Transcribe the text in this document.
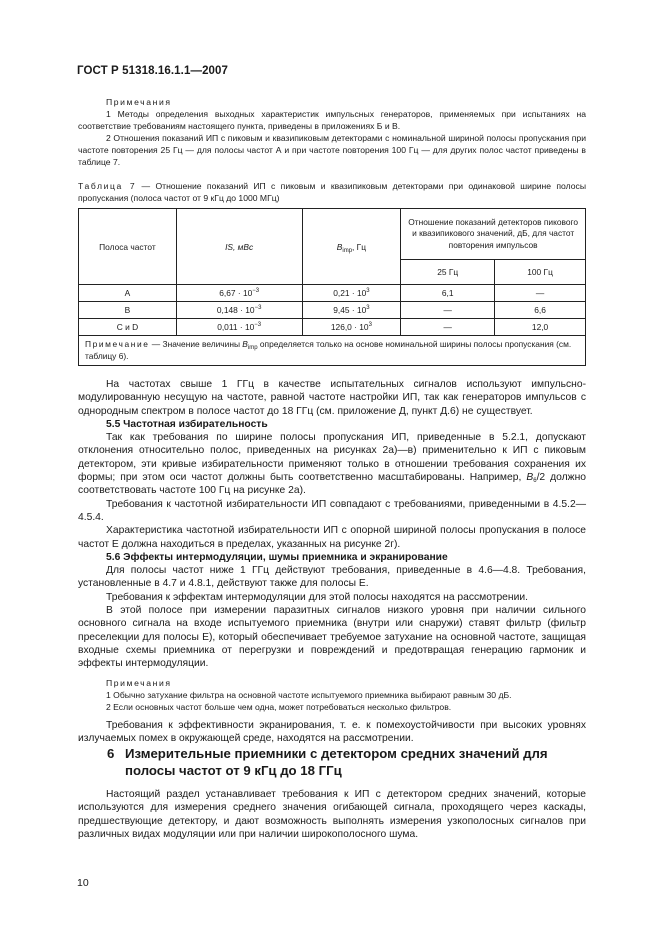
ГОСТ Р 51318.16.1.1—2007
Примечания
1 Методы определения выходных характеристик импульсных генераторов, применяемых при испытаниях на соответствие требованиям настоящего пункта, приведены в приложениях Б и В.
2 Отношения показаний ИП с пиковым и квазипиковым детекторами с номинальной шириной полосы пропускания при частоте повторения 25 Гц — для полосы частот А и при частоте повторения 100 Гц — для других полос частот приведены в таблице 7.
Таблица 7 — Отношение показаний ИП с пиковым и квазипиковым детекторами при одинаковой ширине полосы пропускания (полоса частот от 9 кГц до 1000 МГц)
Полоса частот	IS, мВс	$B_{imp}$, Гц	Отношение показаний детекторов пикового и квазипикового значений, дБ, для частот повторения импульсов	
			25 Гц	100 Гц
A	$6,67 \cdot 10^{-3}$	$0,21 \cdot 10^3$	6,1	—
B	$0,148 \cdot 10^{-3}$	$9,45 \cdot 10^3$	—	6,6
C и D	$0,011 \cdot 10^{-3}$	$126,0 \cdot 10^3$	—	12,0
Примечание — Значение величины $B_{imp}$ определяется только на основе номинальной ширины полосы пропускания (см. таблицу 6).				
На частотах свыше 1 ГГц в качестве испытательных сигналов используют импульсно-модулированную несущую на частоте, равной частоте настройки ИП, так как генераторов импульсов с однородным спектром в полосе частот до 18 ГГц (см. приложение Д, пункт Д.6) не существует.
5.5 Частотная избирательность
Так как требования по ширине полосы пропускания ИП, приведенные в 5.2.1, допускают отклонения относительно полос, приведенных на рисунках 2а)—в) применительно к ИП с пиковым детектором, эти кривые избирательности применяют только в отношении требования сохранения их формы; при этом оси частот должны быть соответственно масштабированы. Например, $B_6/2$ должно соответствовать частоте 100 Гц на рисунке 2а).
Требования к частотной избирательности ИП совпадают с требованиями, приведенными в 4.5.2—4.5.4.
Характеристика частотной избирательности ИП с опорной шириной полосы пропускания в полосе частот Е должна находиться в пределах, указанных на рисунке 2г).
5.6 Эффекты интермодуляции, шумы приемника и экранирование
Для полосы частот ниже 1 ГГц действуют требования, приведенные в 4.6—4.8. Требования, установленные в 4.7 и 4.8.1, действуют также для полосы Е.
Требования к эффектам интермодуляции для этой полосы находятся на рассмотрении.
В этой полосе при измерении паразитных сигналов низкого уровня при наличии сильного основного сигнала на входе испытуемого приемника (внутри или снаружи) ставят фильтр (фильтр преселекции для полосы Е), который обеспечивает требуемое затухание на основной частоте, защищая входные схемы приемника от перегрузки и повреждений и предотвращая генерацию гармоник и эффекты интермодуляции.
Примечания
1 Обычно затухание фильтра на основной частоте испытуемого приемника выбирают равным 30 дБ.
2 Если основных частот больше чем одна, может потребоваться несколько фильтров.
Требования к эффективности экранирования, т. е. к помехоустойчивости при высоких уровнях излучаемых помех в окружающей среде, находятся на рассмотрении.
6 Измерительные приемники с детектором средних значений для полосы частот от 9 кГц до 18 ГГц
Настоящий раздел устанавливает требования к ИП с детектором средних значений, которые используются для измерения среднего значения огибающей сигнала, проходящего через каскады, предшествующие детектору, и дают возможность выполнять измерения узкополосных сигналов при различных видах модуляции или при наличии широкополосного шума.
10
